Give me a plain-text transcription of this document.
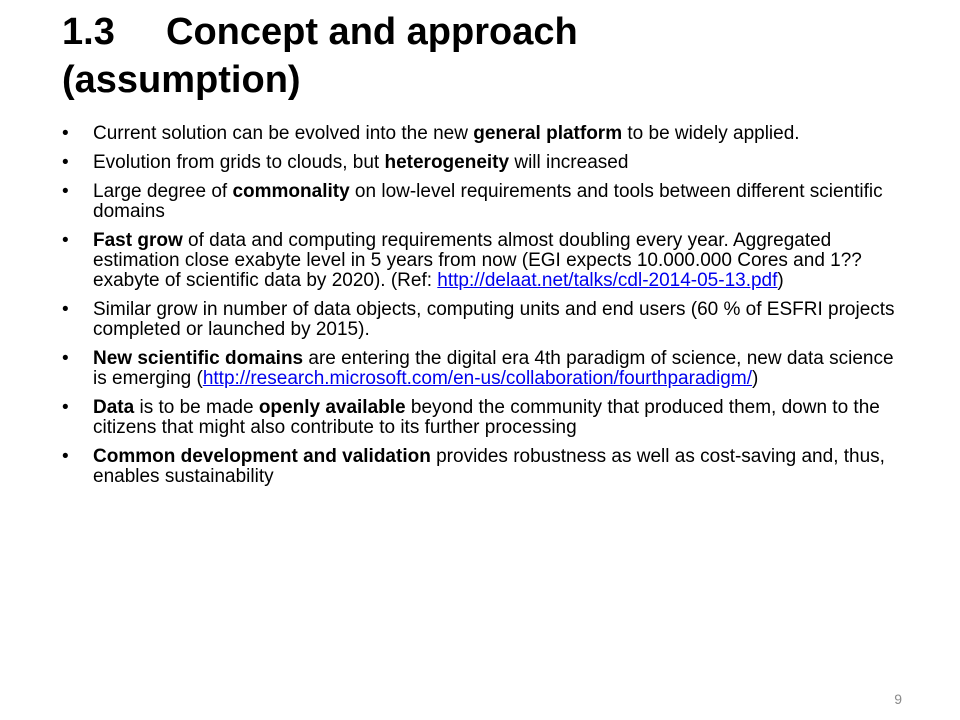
1.3 Concept and approach
(assumption)
• Current solution can be evolved into the new general platform to be widely applied.
• Evolution from grids to clouds, but heterogeneity will increased
• Large degree of commonality on low-level requirements and tools between different scientific domains
• Fast grow of data and computing requirements almost doubling every year. Aggregated estimation close exabyte level in 5 years from now (EGI expects 10.000.000 Cores and 1?? exabyte of scientific data by 2020). (Ref: http://delaat.net/talks/cdl-2014-05-13.pdf)
• Similar grow in number of data objects, computing units and end users (60 % of ESFRI projects completed or launched by 2015).
• New scientific domains are entering the digital era 4th paradigm of science, new data science is emerging (http://research.microsoft.com/en-us/collaboration/fourthparadigm/)
• Data is to be made openly available beyond the community that produced them, down to the citizens that might also contribute to its further processing
• Common development and validation provides robustness as well as cost-saving and, thus, enables sustainability
9
